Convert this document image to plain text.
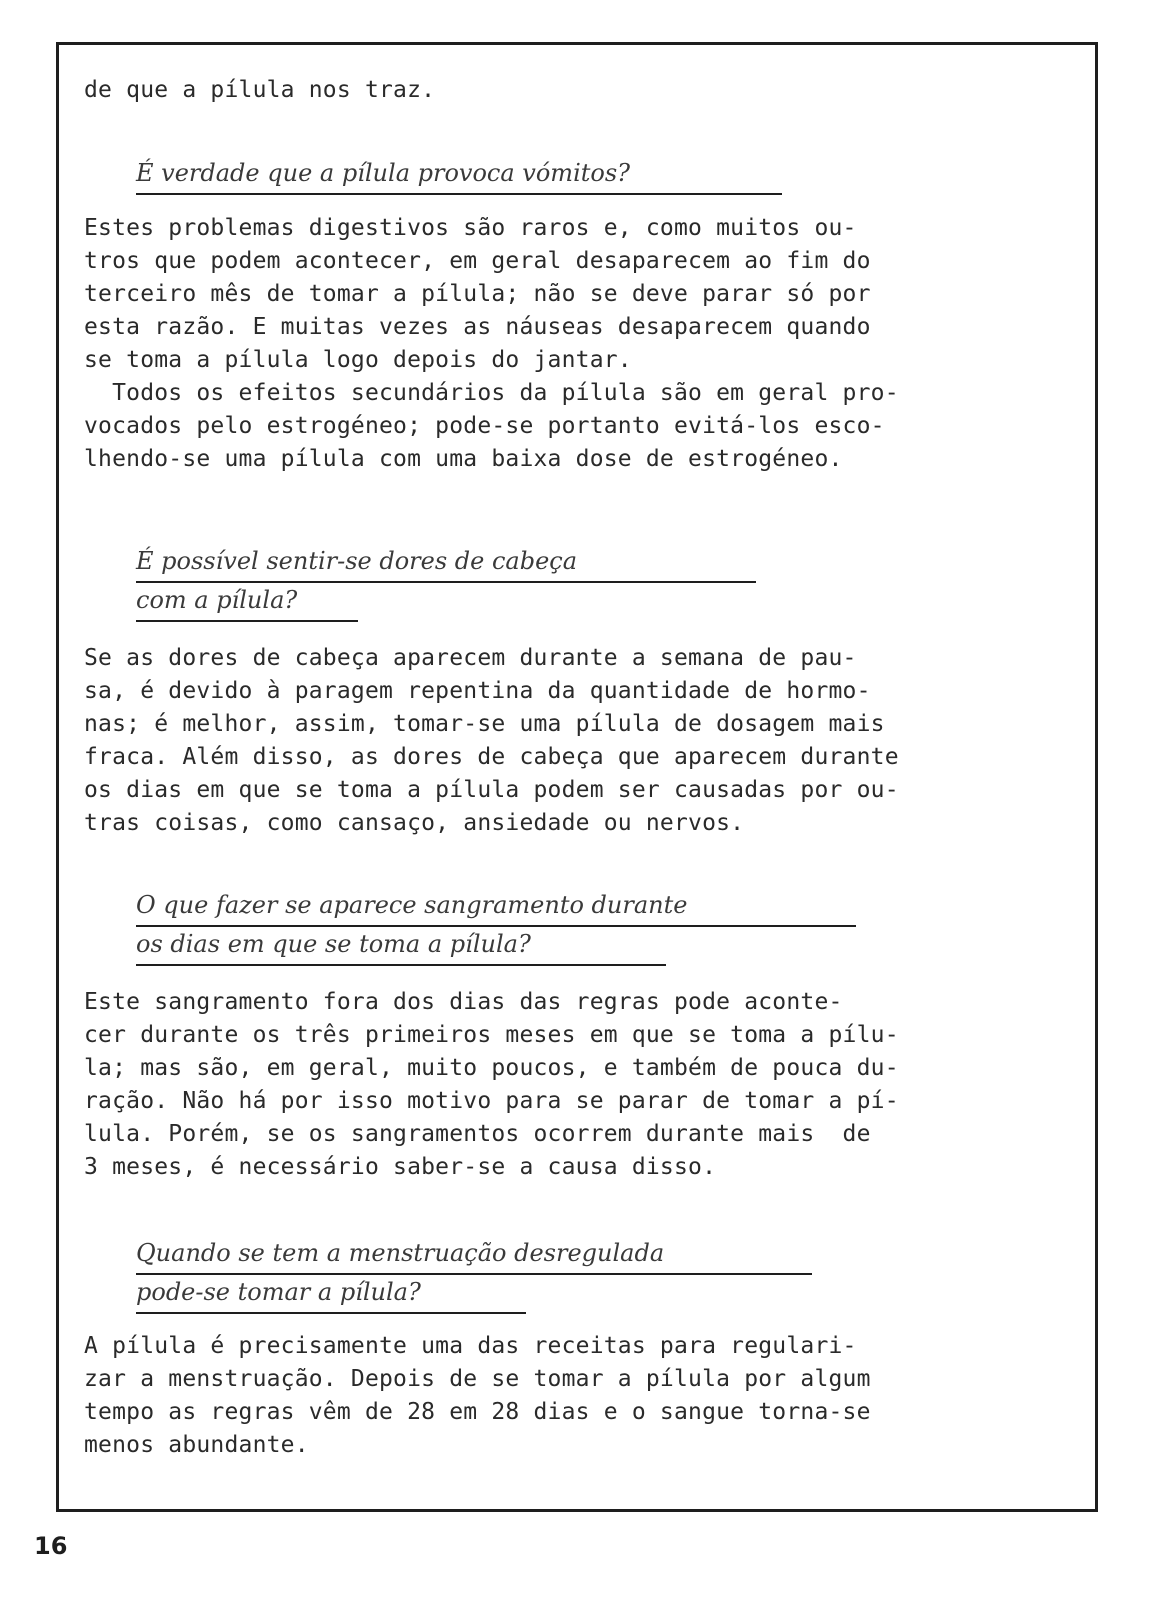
de que a pílula nos traz.
É verdade que a pílula provoca vómitos?
Estes problemas digestivos são raros e, como muitos ou-
tros que podem acontecer, em geral desaparecem ao fim do
terceiro mês de tomar a pílula; não se deve parar só por
esta razão. E muitas vezes as náuseas desaparecem quando
se toma a pílula logo depois do jantar.
Todos os efeitos secundários da pílula são em geral pro-
vocados pelo estrogéneo; pode-se portanto evitá-los esco-
lhendo-se uma pílula com uma baixa dose de estrogéneo.
É possível sentir-se dores de cabeça
com a pílula?
Se as dores de cabeça aparecem durante a semana de pau-
sa, é devido à paragem repentina da quantidade de hormo-
nas; é melhor, assim, tomar-se uma pílula de dosagem mais
fraca. Além disso, as dores de cabeça que aparecem durante
os dias em que se toma a pílula podem ser causadas por ou-
tras coisas, como cansaço, ansiedade ou nervos.
O que fazer se aparece sangramento durante
os dias em que se toma a pílula?
Este sangramento fora dos dias das regras pode aconte-
cer durante os três primeiros meses em que se toma a pílu-
la; mas são, em geral, muito poucos, e também de pouca du-
ração. Não há por isso motivo para se parar de tomar a pí-
lula. Porém, se os sangramentos ocorrem durante mais  de
3 meses, é necessário saber-se a causa disso.
Quando se tem a menstruação desregulada
pode-se tomar a pílula?
A pílula é precisamente uma das receitas para regulari-
zar a menstruação. Depois de se tomar a pílula por algum
tempo as regras vêm de 28 em 28 dias e o sangue torna-se
menos abundante.
16
